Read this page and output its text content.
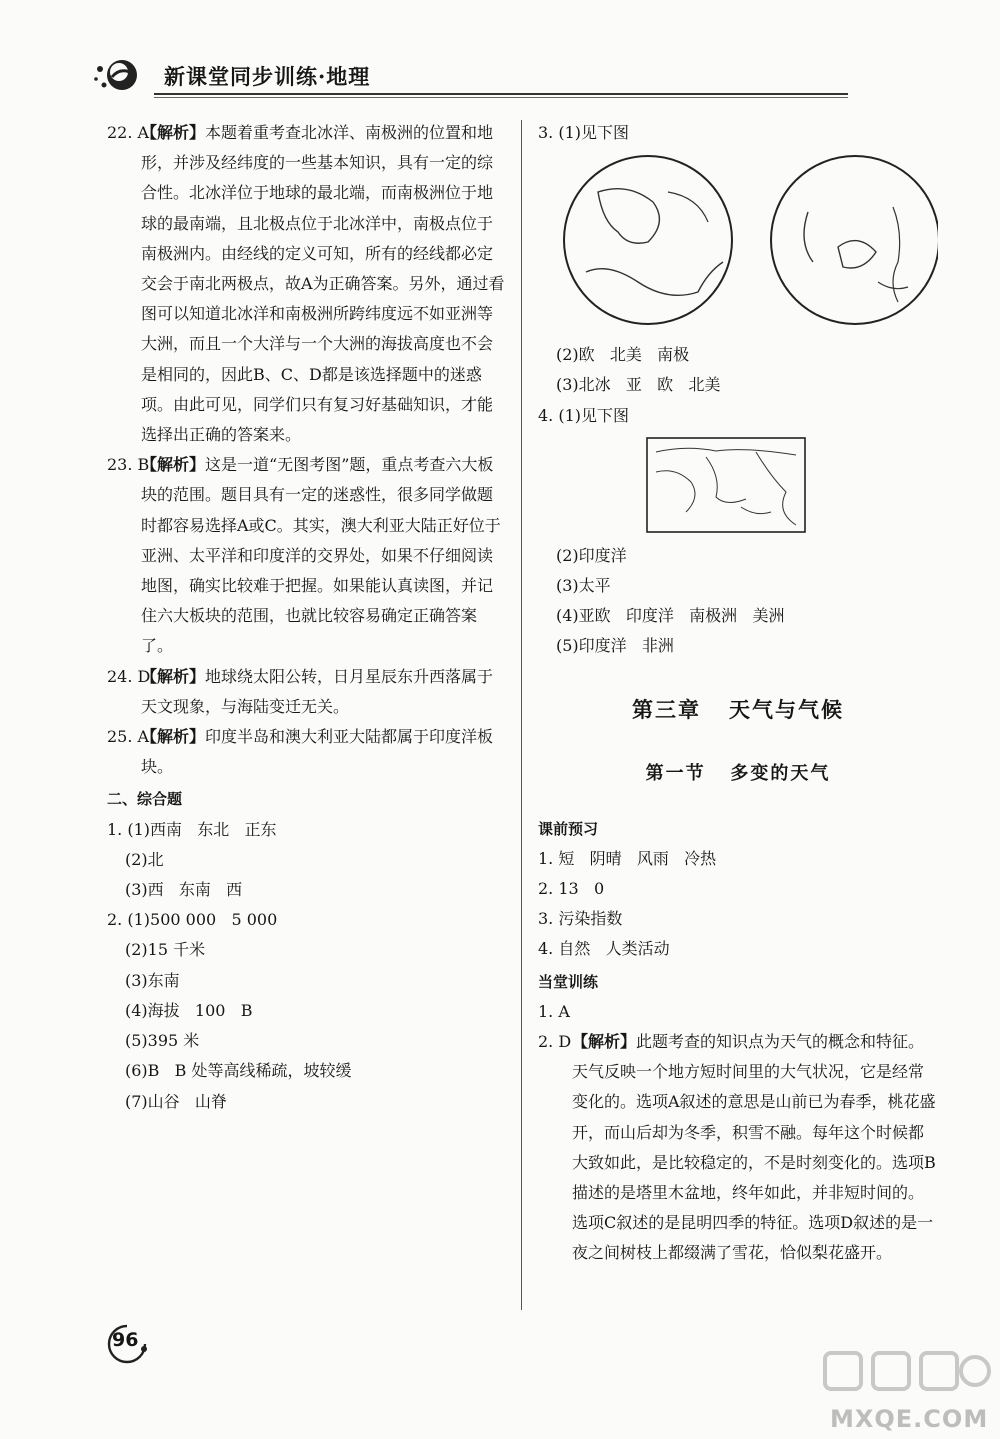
新课堂同步训练·地理

22. A
【解析】本题着重考查北冰洋、南极洲的位置和地形，并涉及经纬度的一些基本知识，具有一定的综合性。北冰洋位于地球的最北端，而南极洲位于地球的最南端，且北极点位于北冰洋中，南极点位于南极洲内。由经线的定义可知，所有的经线都必定交会于南北两极点，故A为正确答案。另外，通过看图可以知道北冰洋和南极洲所跨纬度远不如亚洲等大洲，而且一个大洋与一个大洲的海拔高度也不会是相同的，因此B、C、D都是该选择题中的迷惑项。由此可见，同学们只有复习好基础知识，才能选择出正确的答案来。

23. B
【解析】这是一道“无图考图”题，重点考查六大板块的范围。题目具有一定的迷惑性，很多同学做题时都容易选择A或C。其实，澳大利亚大陆正好位于亚洲、太平洋和印度洋的交界处，如果不仔细阅读地图，确实比较难于把握。如果能认真读图，并记住六大板块的范围，也就比较容易确定正确答案了。

24. D
【解析】地球绕太阳公转，日月星辰东升西落属于天文现象，与海陆变迁无关。

25. A
【解析】印度半岛和澳大利亚大陆都属于印度洋板块。

二、综合题

1. (1)西南   东北   正东

(2)北

(3)西   东南   西

2. (1)500 000   5 000

(2)15 千米

(3)东南

(4)海拔   100   B

(5)395 米

(6)B   B 处等高线稀疏，坡较缓

(7)山谷   山脊

3. (1)见下图

(2)欧   北美   南极

(3)北冰   亚   欧   北美

4. (1)见下图

(2)印度洋

(3)太平

(4)亚欧   印度洋   南极洲   美洲

(5)印度洋   非洲

第三章   天气与气候
第一节   多变的天气

课前预习

1. 短   阴晴   风雨   冷热

2. 13   0

3. 污染指数

4. 自然   人类活动

当堂训练

1. A

2. D 【解析】此题考查的知识点为天气的概念和特征。天气反映一个地方短时间里的大气状况，它是经常变化的。选项A叙述的意思是山前已为春季，桃花盛开，而山后却为冬季，积雪不融。每年这个时候都大致如此，是比较稳定的，不是时刻变化的。选项B描述的是塔里木盆地，终年如此，并非短时间的。选项C叙述的是昆明四季的特征。选项D叙述的是一夜之间树枝上都缀满了雪花，恰似梨花盛开。

96
MXQE.COM
